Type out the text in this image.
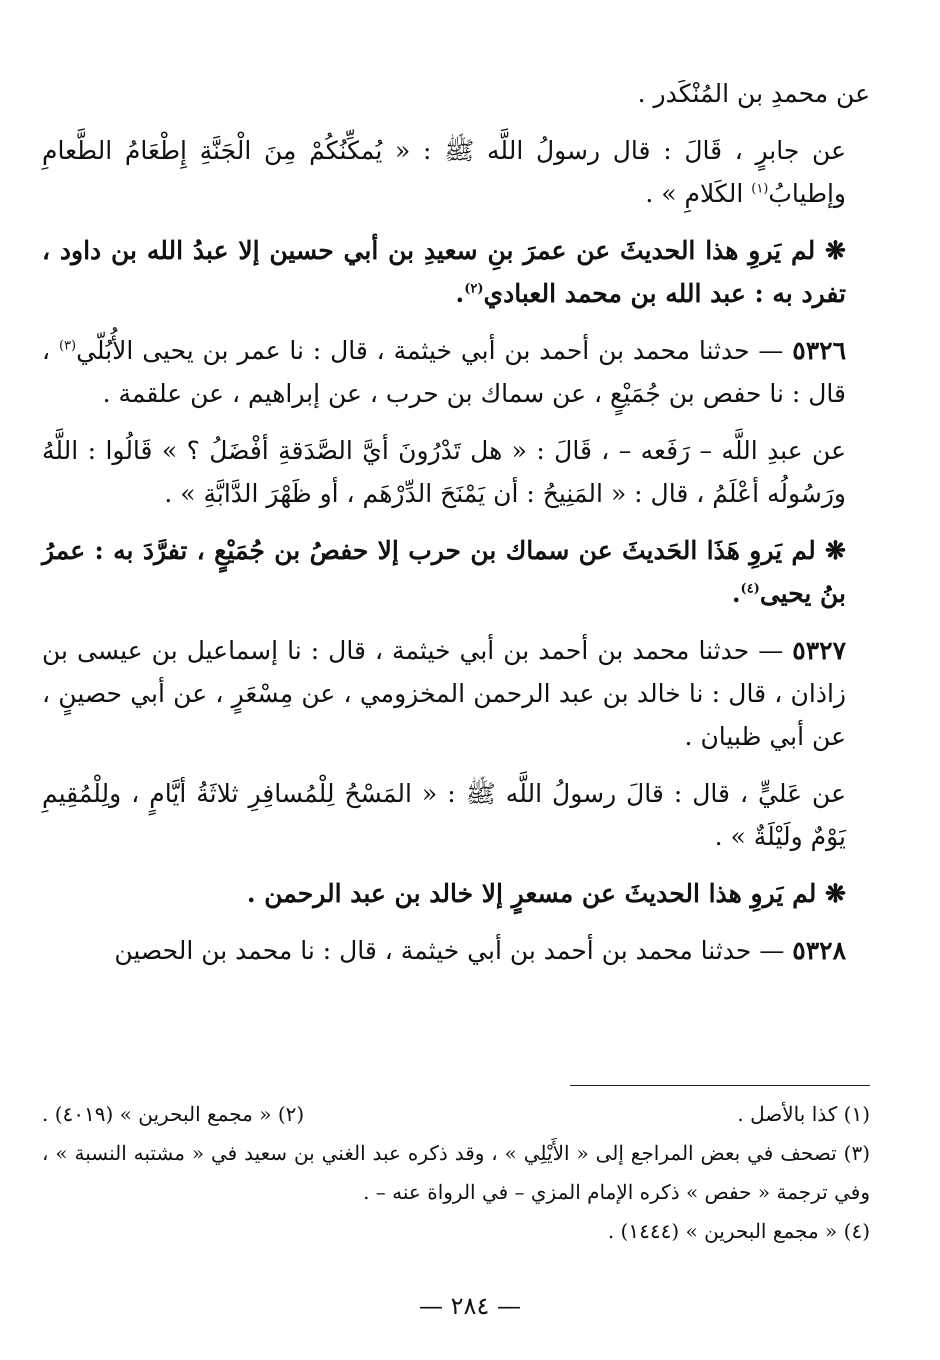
عن محمدِ بن المُنْكَدر .

عن جابرٍ ، قَالَ : قال رسولُ اللَّه ﷺ : « يُمكِّنُكُمْ مِنَ الْجَنَّةِ إِطْعَامُ الطَّعامِ وإطيابُ$^{(١)}$ الكَلامِ » .

❋ لم يَروِ هذا الحديثَ عن عمرَ بنِ سعيدِ بن أبي حسين إلا عبدُ الله بن داود ، تفرد به : عبد الله بن محمد العبادي$^{(٢)}$.

٥٣٢٦ — حدثنا محمد بن أحمد بن أبي خيثمة ، قال : نا عمر بن يحيى الأُبُلّي$^{(٣)}$ ، قال : نا حفص بن جُمَيْعٍ ، عن سماك بن حرب ، عن إبراهيم ، عن علقمة .

عن عبدِ اللَّه – رَفَعه – ، قَالَ : « هل تَدْرُونَ أيَّ الصَّدَقةِ أفْضَلُ ؟ » قَالُوا : اللَّهُ ورَسُولُه أعْلَمُ ، قال : « المَنِيحُ : أن يَمْنَحَ الدِّرْهَم ، أو ظَهْرَ الدَّابَّةِ » .

❋ لم يَروِ هَذَا الحَديثَ عن سماك بن حرب إلا حفصُ بن جُمَيْعٍ ، تفرَّدَ به : عمرُ بنُ يحيى$^{(٤)}$.

٥٣٢٧ — حدثنا محمد بن أحمد بن أبي خيثمة ، قال : نا إسماعيل بن عيسى بن زاذان ، قال : نا خالد بن عبد الرحمن المخزومي ، عن مِسْعَرٍ ، عن أبي حصينٍ ، عن أبي ظبيان .

عن عَليٍّ ، قال : قالَ رسولُ اللَّه ﷺ : « المَسْحُ لِلْمُسافِرِ ثلاثَةُ أيَّامٍ ، ولِلْمُقِيمِ يَوْمٌ ولَيْلَةٌ » .

❋ لم يَروِ هذا الحديثَ عن مسعرٍ إلا خالد بن عبد الرحمن .

٥٣٢٨ — حدثنا محمد بن أحمد بن أبي خيثمة ، قال : نا محمد بن الحصين

(١) كذا بالأصل .
(٢) « مجمع البحرين » (٤٠١٩) .

(٣) تصحف في بعض المراجع إلى « الأَيْلِي » ، وقد ذكره عبد الغني بن سعيد في « مشتبه النسبة » ، وفي ترجمة « حفص » ذكره الإمام المزي – في الرواة عنه – .

(٤) « مجمع البحرين » (١٤٤٤) .

— ٢٨٤ —
